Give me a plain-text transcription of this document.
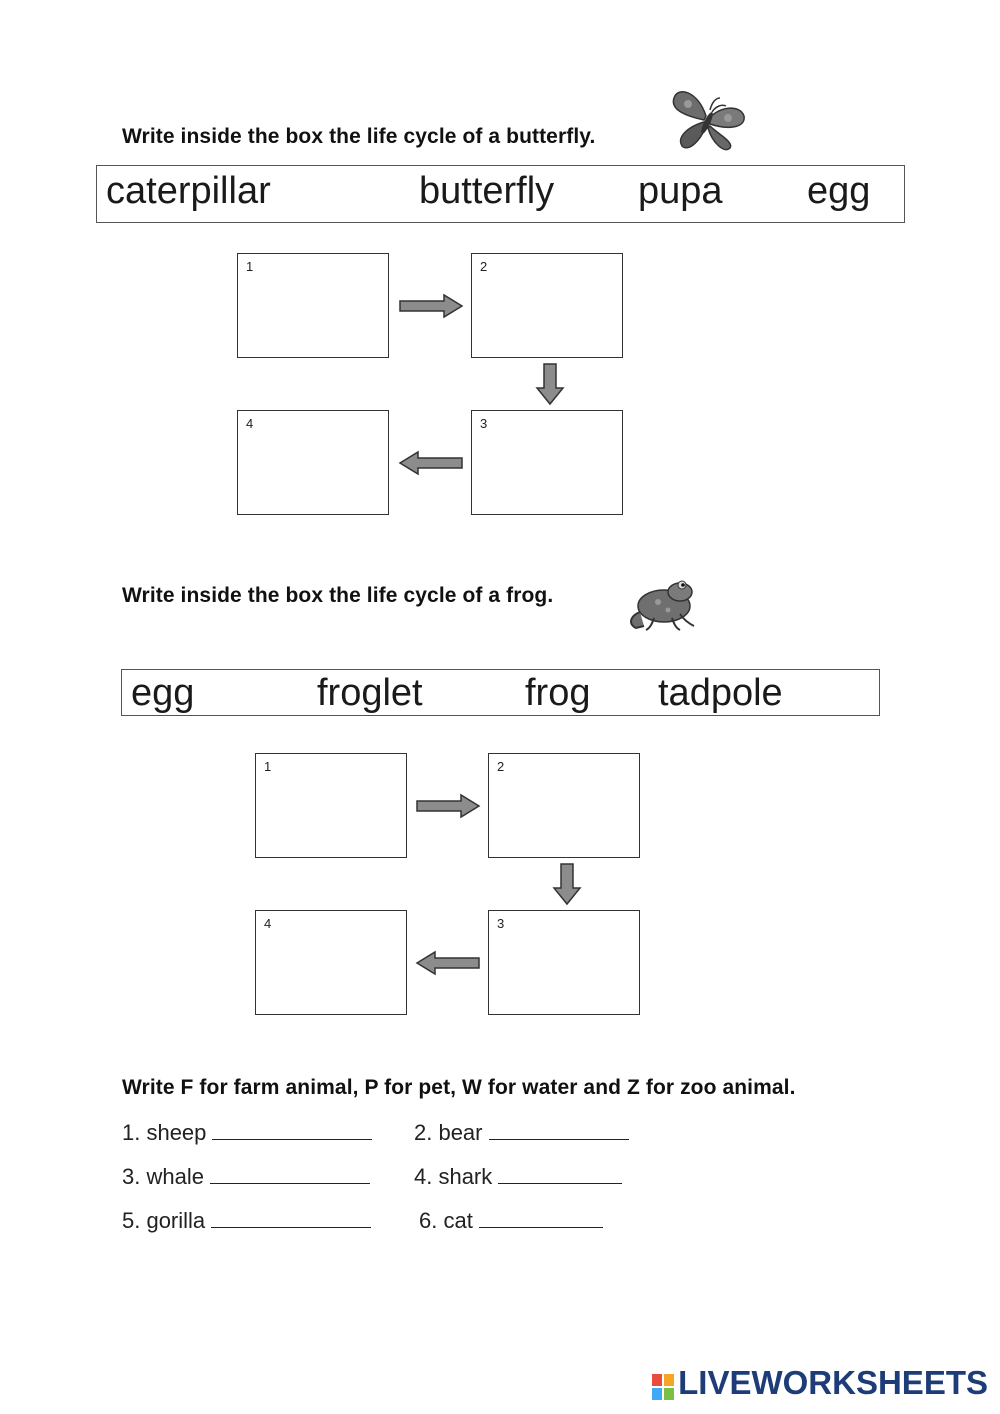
Write inside the box the life cycle of a butterfly.
caterpillar	butterfly pupa egg
1	2
3
4
Write inside the box the life cycle of a frog.
egg	froglet	frog tadpole
1	2
3
4
Write F for farm animal, P for pet, W for water and Z for zoo animal.
1. sheep	2. bear
3. whale	4. shark
5. gorilla	6. cat
LIVEWORKSHEETS
